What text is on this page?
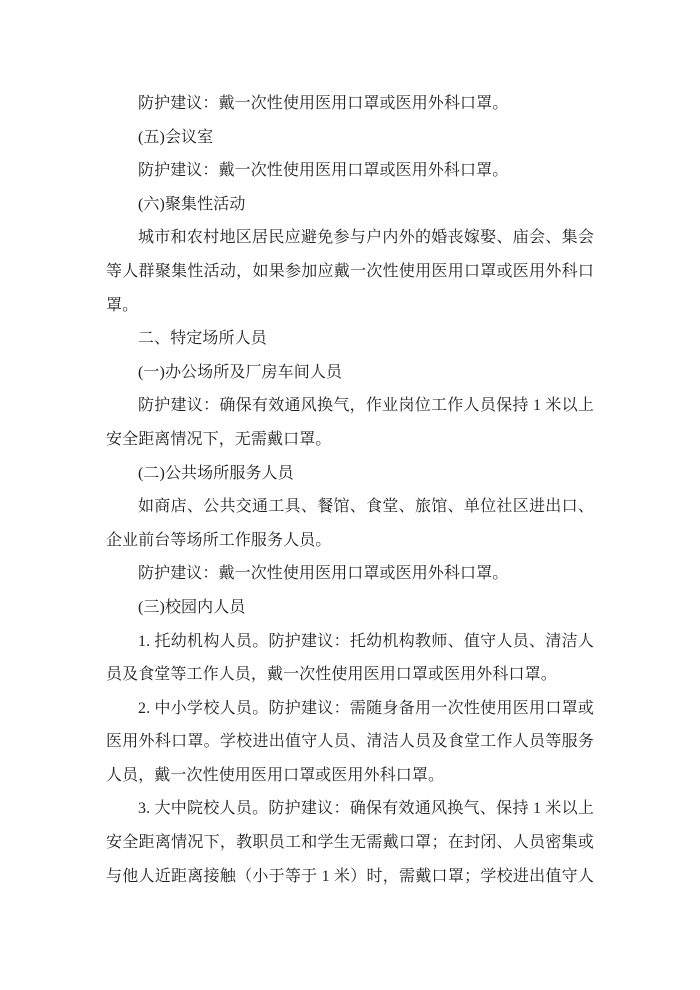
防护建议：戴一次性使用医用口罩或医用外科口罩。
(五)会议室
防护建议：戴一次性使用医用口罩或医用外科口罩。
(六)聚集性活动
城市和农村地区居民应避免参与户内外的婚丧嫁娶、庙会、集会
等人群聚集性活动，如果参加应戴一次性使用医用口罩或医用外科口
罩。
二、特定场所人员
(一)办公场所及厂房车间人员
防护建议：确保有效通风换气，作业岗位工作人员保持 1 米以上
安全距离情况下，无需戴口罩。
(二)公共场所服务人员
如商店、公共交通工具、餐馆、食堂、旅馆、单位社区进出口、
企业前台等场所工作服务人员。
防护建议：戴一次性使用医用口罩或医用外科口罩。
(三)校园内人员
1. 托幼机构人员。防护建议：托幼机构教师、值守人员、清洁人
员及食堂等工作人员，戴一次性使用医用口罩或医用外科口罩。
2. 中小学校人员。防护建议：需随身备用一次性使用医用口罩或
医用外科口罩。学校进出值守人员、清洁人员及食堂工作人员等服务
人员，戴一次性使用医用口罩或医用外科口罩。
3. 大中院校人员。防护建议：确保有效通风换气、保持 1 米以上
安全距离情况下，教职员工和学生无需戴口罩；在封闭、人员密集或
与他人近距离接触（小于等于 1 米）时，需戴口罩；学校进出值守人
